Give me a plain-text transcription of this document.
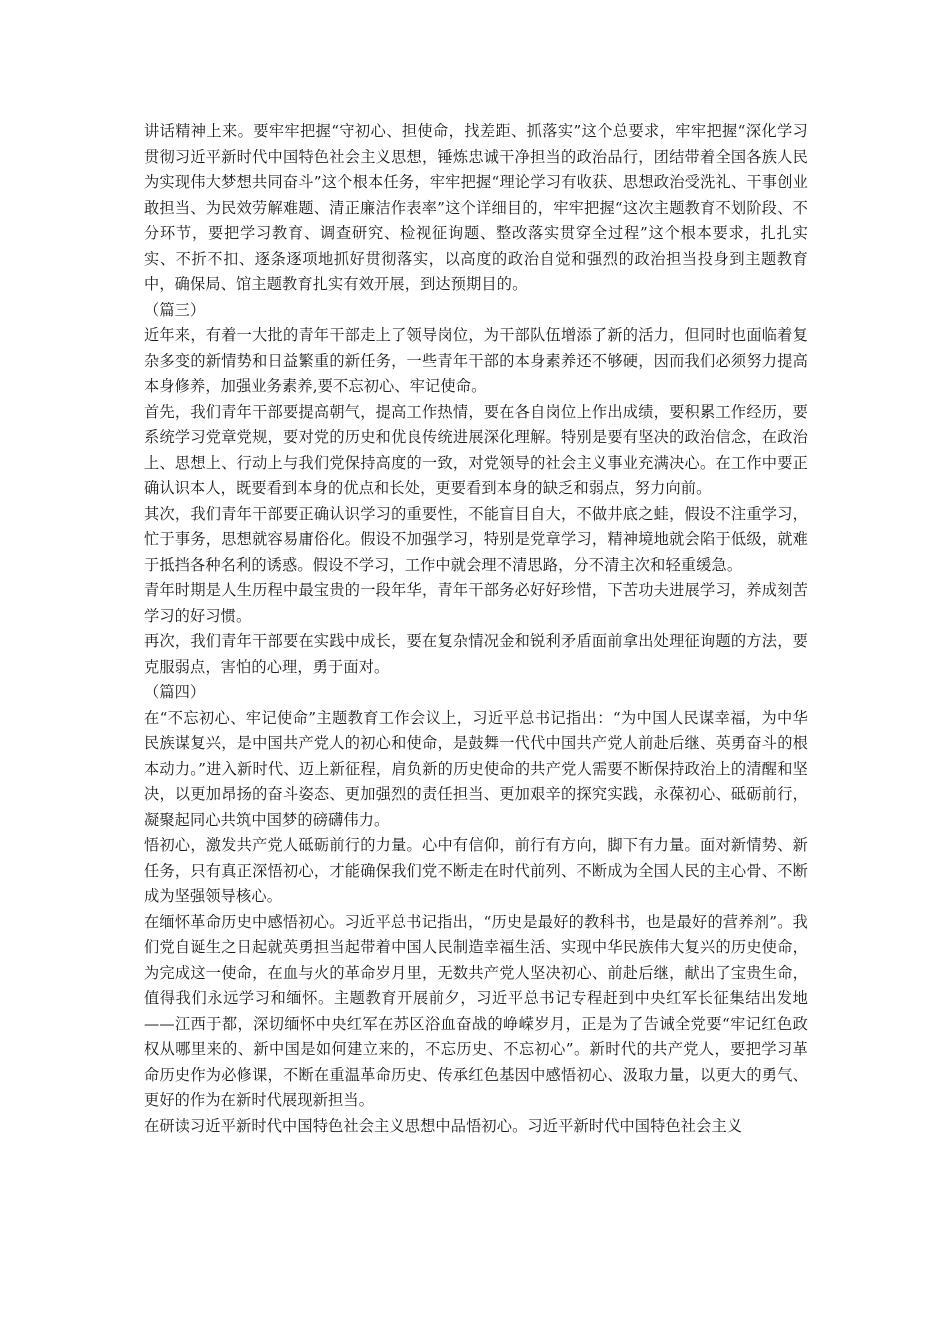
讲话精神上来。要牢牢把握“守初心、担使命，找差距、抓落实”这个总要求，牢牢把握“深化学习贯彻习近平新时代中国特色社会主义思想，锤炼忠诚干净担当的政治品行，团结带着全国各族人民为实现伟大梦想共同奋斗”这个根本任务，牢牢把握“理论学习有收获、思想政治受洗礼、干事创业敢担当、为民效劳解难题、清正廉洁作表率”这个详细目的，牢牢把握“这次主题教育不划阶段、不分环节，要把学习教育、调查研究、检视征询题、整改落实贯穿全过程”这个根本要求，扎扎实实、不折不扣、逐条逐项地抓好贯彻落实，以高度的政治自觉和强烈的政治担当投身到主题教育中，确保局、馆主题教育扎实有效开展，到达预期目的。

（篇三）

近年来，有着一大批的青年干部走上了领导岗位，为干部队伍增添了新的活力，但同时也面临着复杂多变的新情势和日益繁重的新任务，一些青年干部的本身素养还不够硬，因而我们必须努力提高本身修养，加强业务素养,要不忘初心、牢记使命。

首先，我们青年干部要提高朝气，提高工作热情，要在各自岗位上作出成绩，要积累工作经历，要系统学习党章党规，要对党的历史和优良传统进展深化理解。特别是要有坚决的政治信念，在政治上、思想上、行动上与我们党保持高度的一致，对党领导的社会主义事业充满决心。在工作中要正确认识本人，既要看到本身的优点和长处，更要看到本身的缺乏和弱点，努力向前。

其次，我们青年干部要正确认识学习的重要性，不能盲目自大，不做井底之蛙，假设不注重学习，忙于事务，思想就容易庸俗化。假设不加强学习，特别是党章学习，精神境地就会陷于低级，就难于抵挡各种名利的诱惑。假设不学习，工作中就会理不清思路，分不清主次和轻重缓急。

青年时期是人生历程中最宝贵的一段年华，青年干部务必好好珍惜，下苦功夫进展学习，养成刻苦学习的好习惯。

再次，我们青年干部要在实践中成长，要在复杂情况金和锐利矛盾面前拿出处理征询题的方法，要克服弱点，害怕的心理，勇于面对。

（篇四）

在“不忘初心、牢记使命”主题教育工作会议上，习近平总书记指出：“为中国人民谋幸福，为中华民族谋复兴，是中国共产党人的初心和使命，是鼓舞一代代中国共产党人前赴后继、英勇奋斗的根本动力。”进入新时代、迈上新征程，肩负新的历史使命的共产党人需要不断保持政治上的清醒和坚决，以更加昂扬的奋斗姿态、更加强烈的责任担当、更加艰辛的探究实践，永葆初心、砥砺前行，凝聚起同心共筑中国梦的磅礴伟力。

悟初心，激发共产党人砥砺前行的力量。心中有信仰，前行有方向，脚下有力量。面对新情势、新任务，只有真正深悟初心，才能确保我们党不断走在时代前列、不断成为全国人民的主心骨、不断成为坚强领导核心。

在缅怀革命历史中感悟初心。习近平总书记指出，“历史是最好的教科书，也是最好的营养剂”。我们党自诞生之日起就英勇担当起带着中国人民制造幸福生活、实现中华民族伟大复兴的历史使命，为完成这一使命，在血与火的革命岁月里，无数共产党人坚决初心、前赴后继，献出了宝贵生命，值得我们永远学习和缅怀。主题教育开展前夕，习近平总书记专程赶到中央红军长征集结出发地——江西于都，深切缅怀中央红军在苏区浴血奋战的峥嵘岁月，正是为了告诫全党要“牢记红色政权从哪里来的、新中国是如何建立来的，不忘历史、不忘初心”。新时代的共产党人，要把学习革命历史作为必修课，不断在重温革命历史、传承红色基因中感悟初心、汲取力量，以更大的勇气、更好的作为在新时代展现新担当。

在研读习近平新时代中国特色社会主义思想中品悟初心。习近平新时代中国特色社会主义
